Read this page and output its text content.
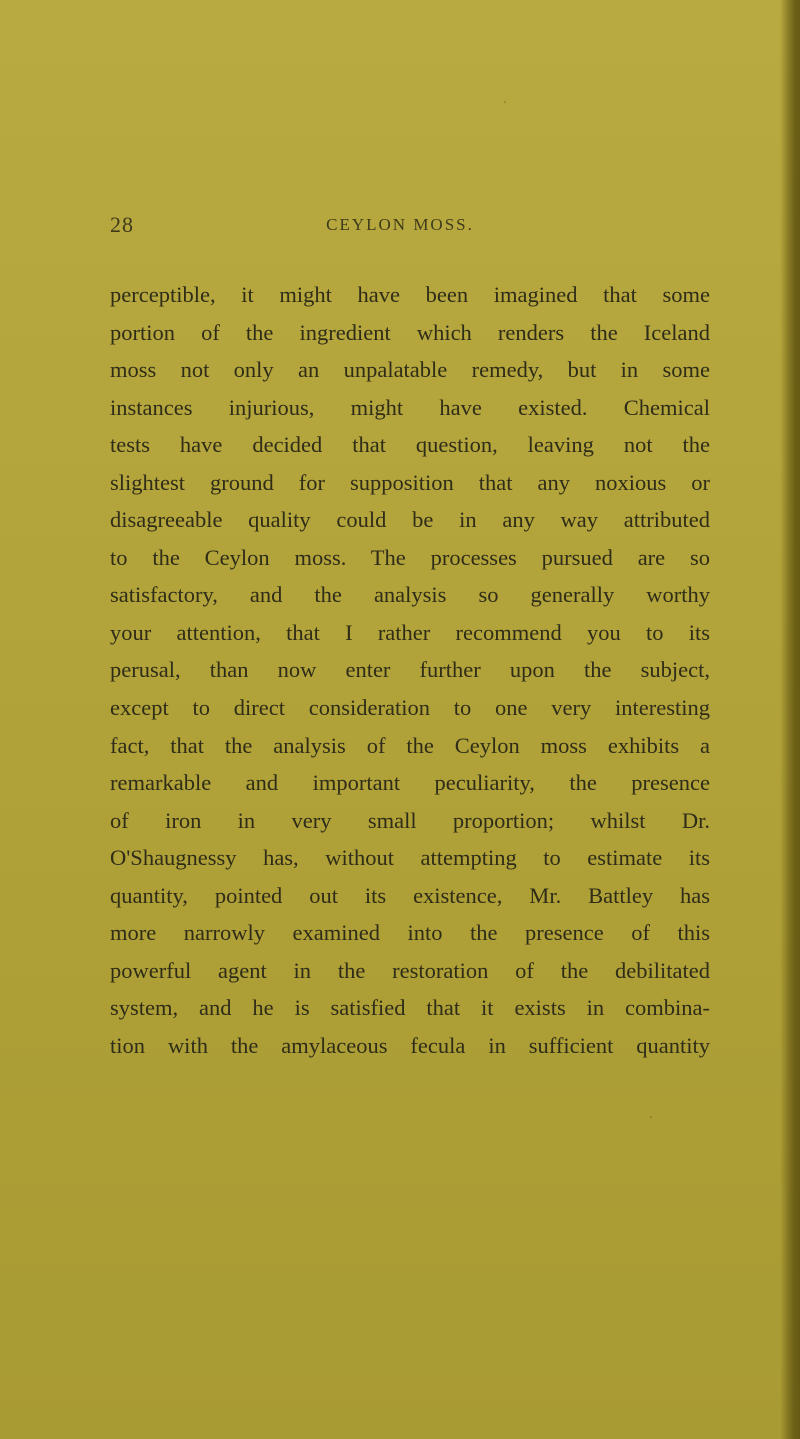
28	CEYLON MOSS.
perceptible, it might have been imagined that some
portion of the ingredient which renders the Iceland
moss not only an unpalatable remedy, but in some
instances injurious, might have existed. Chemical
tests have decided that question, leaving not the
slightest ground for supposition that any noxious or
disagreeable quality could be in any way attributed
to the Ceylon moss. The processes pursued are so
satisfactory, and the analysis so generally worthy
your attention, that I rather recommend you to its
perusal, than now enter further upon the subject,
except to direct consideration to one very interesting
fact, that the analysis of the Ceylon moss exhibits a
remarkable and important peculiarity, the presence
of iron in very small proportion; whilst Dr.
O'Shaugnessy has, without attempting to estimate its
quantity, pointed out its existence, Mr. Battley has
more narrowly examined into the presence of this
powerful agent in the restoration of the debilitated
system, and he is satisfied that it exists in combina-
tion with the amylaceous fecula in sufficient quantity
